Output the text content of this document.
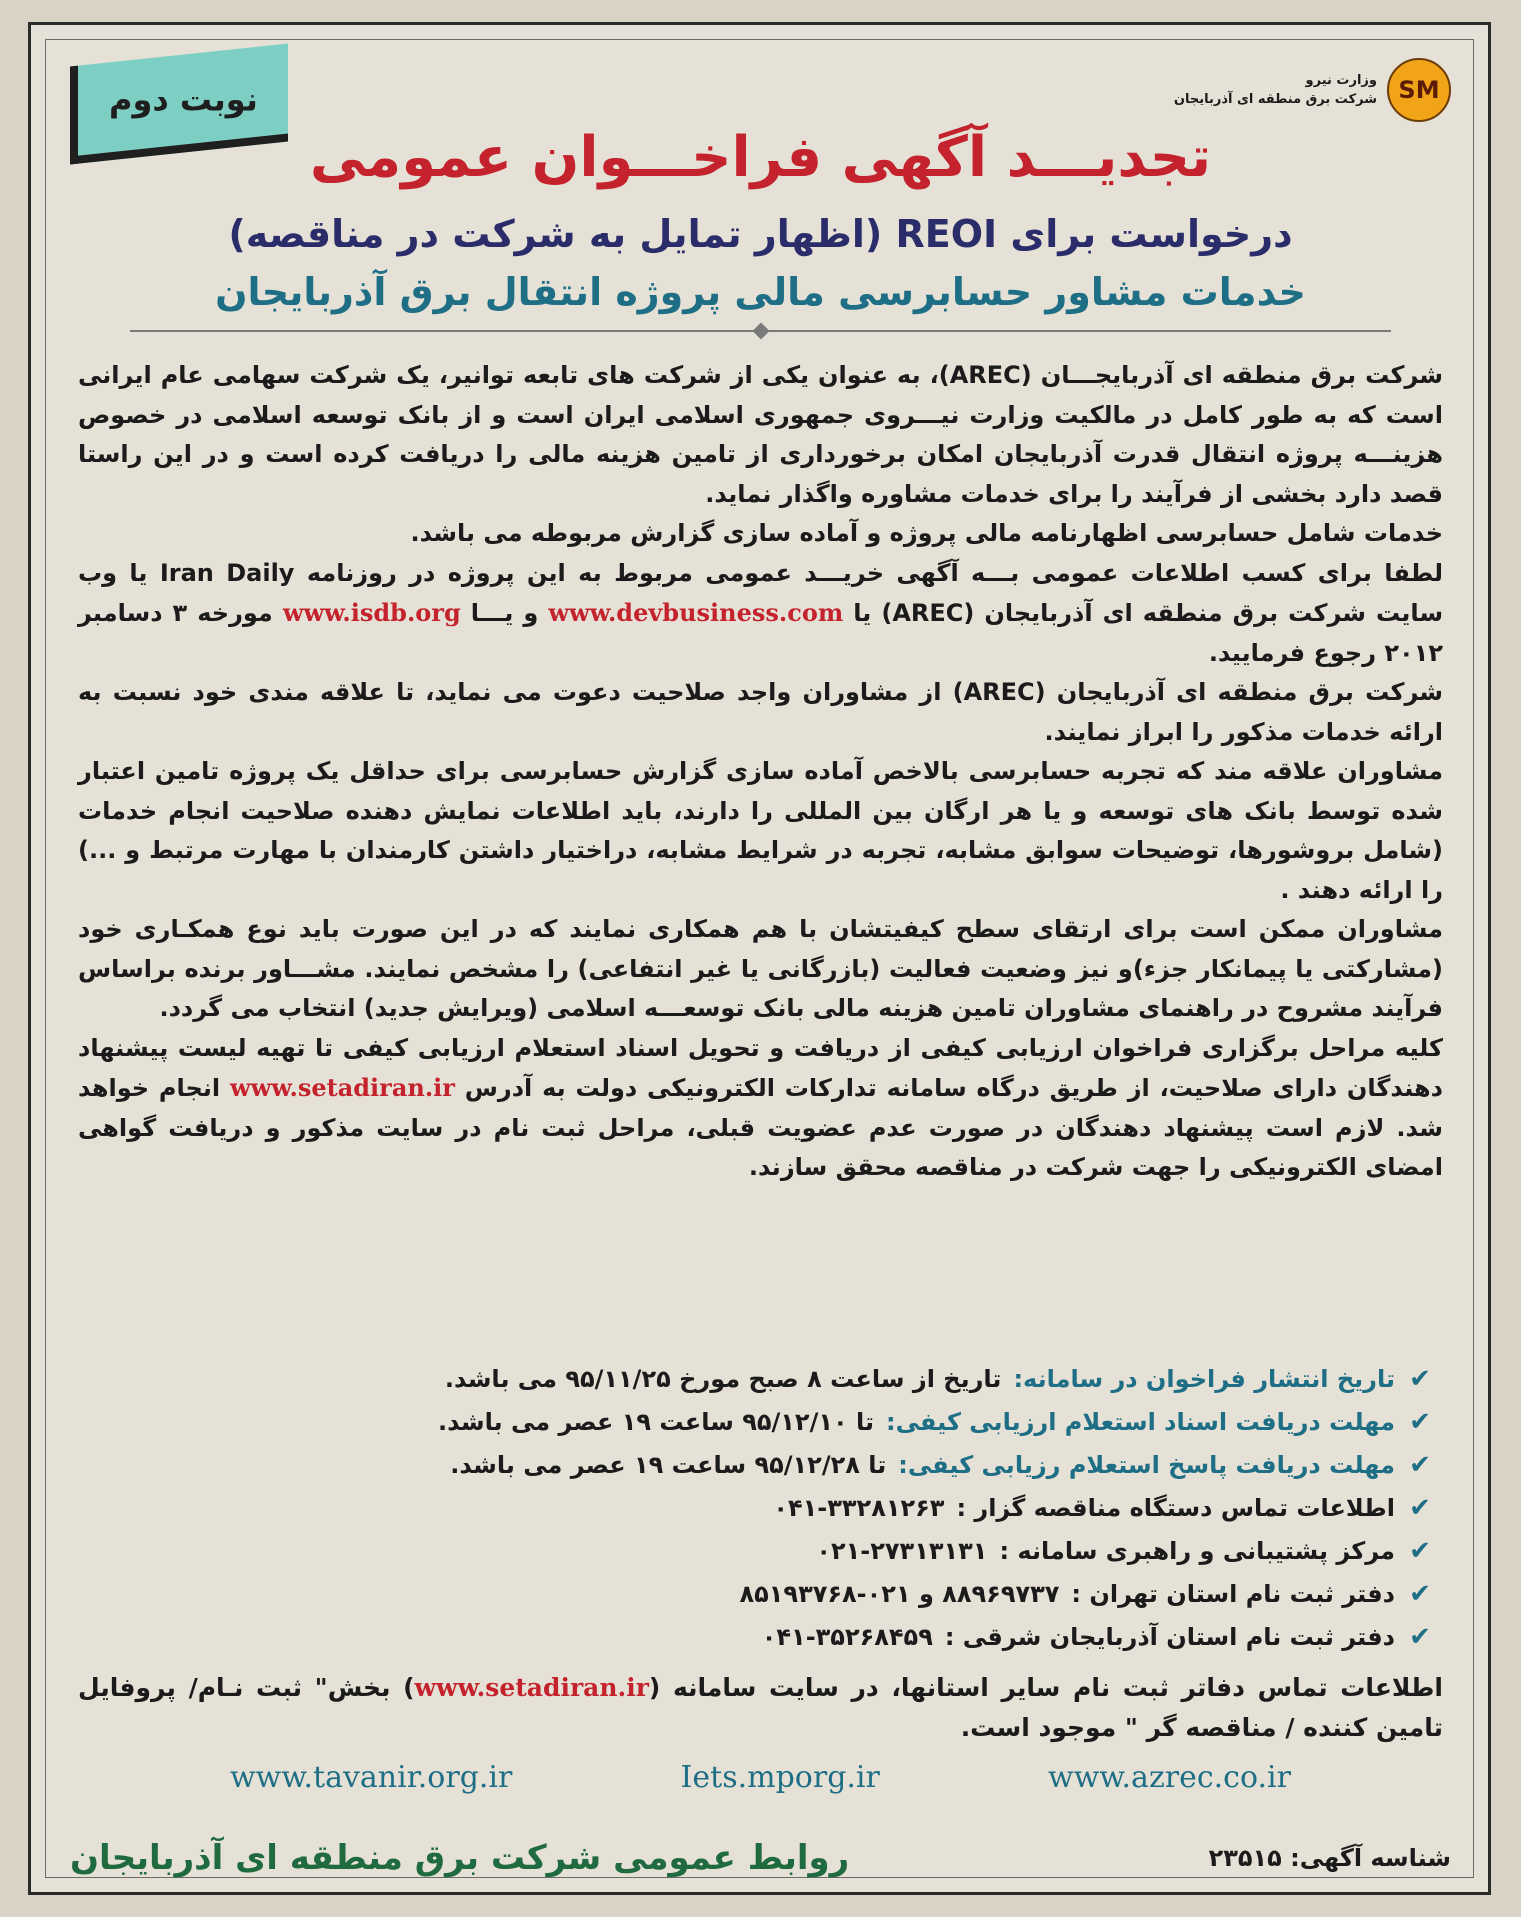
نوبت دوم	SM
وزارت نیرو
شرکت برق منطقه ای آذربایجان
تجدیـــد آگهی فراخـــوان عمومی
درخواست برای REOI (اظهار تمایل به شرکت در مناقصه)
خدمات مشاور حسابرسی مالی پروژه انتقال برق آذربایجان

شرکت برق منطقه ای آذربایجـــان (AREC)، به عنوان یکی از شرکت های تابعه توانیر، یک شرکت سهامی عام ایرانی است که به طور کامل در مالکیت وزارت نیـــروی جمهوری اسلامی ایران است و از بانک توسعه اسلامی در خصوص هزینـــه پروژه انتقال قدرت آذربایجان امکان برخورداری از تامین هزینه مالی را دریافت کرده است و در این راستا قصد دارد بخشی از فرآیند را برای خدمات مشاوره واگذار نماید.

خدمات شامل حسابرسی اظهارنامه مالی پروژه و آماده سازی گزارش مربوطه می باشد.

لطفا برای کسب اطلاعات عمومی بـــه آگهی خریـــد عمومی مربوط به این پروژه در روزنامه Iran Daily یا وب سایت شرکت برق منطقه ای آذربایجان (AREC) یا www.devbusiness.com و یـــا www.isdb.org مورخه ۳ دسامبر ۲۰۱۲ رجوع فرمایید.

شرکت برق منطقه ای آذربایجان (AREC) از مشاوران واجد صلاحیت دعوت می نماید، تا علاقه مندی خود نسبت به ارائه خدمات مذکور را ابراز نمایند.

مشاوران علاقه مند که تجربه حسابرسی بالاخص آماده سازی گزارش حسابرسی برای حداقل یک پروژه تامین اعتبار شده توسط بانک های توسعه و یا هر ارگان بین المللی را دارند، باید اطلاعات نمایش دهنده صلاحیت انجام خدمات (شامل بروشورها، توضیحات سوابق مشابه، تجربه در شرایط مشابه، دراختیار داشتن کارمندان با مهارت مرتبط و ...) را ارائه دهند .

مشاوران ممکن است برای ارتقای سطح کیفیتشان با هم همکاری نمایند که در این صورت باید نوع همکـاری خود (مشارکتی یا پیمانکار جزء)و نیز وضعیت فعالیت (بازرگانی یا غیر انتفاعی) را مشخص نمایند. مشـــاور برنده براساس فرآیند مشروح در راهنمای مشاوران تامین هزینه مالی بانک توسعـــه اسلامی (ویرایش جدید) انتخاب می گردد.

کلیه مراحل برگزاری فراخوان ارزیابی کیفی از دریافت و تحویل اسناد استعلام ارزیابی کیفی تا تهیه لیست پیشنهاد دهندگان دارای صلاحیت، از طریق درگاه سامانه تدارکات الکترونیکی دولت به آدرس www.setadiran.ir انجام خواهد شد. لازم است پیشنهاد دهندگان در صورت عدم عضویت قبلی، مراحل ثبت نام در سایت مذکور و دریافت گواهی امضای الکترونیکی را جهت شرکت در مناقصه محقق سازند.

✔
تاریخ انتشار فراخوان در سامانه:
تاریخ از ساعت ۸ صبح مورخ ۹۵/۱۱/۲۵ می باشد.
✔
مهلت دریافت اسناد استعلام ارزیابی کیفی:
تا ۹۵/۱۲/۱۰ ساعت ۱۹ عصر می باشد.
✔
مهلت دریافت پاسخ استعلام رزیابی کیفی:
تا ۹۵/۱۲/۲۸ ساعت ۱۹ عصر می باشد.
✔
اطلاعات تماس دستگاه مناقصه گزار :
۰۴۱-۳۳۲۸۱۲۶۳
✔
مرکز پشتیبانی و راهبری سامانه :
۰۲۱-۲۷۳۱۳۱۳۱
✔
دفتر ثبت نام استان تهران :
۸۸۹۶۹۷۳۷ و ۰۲۱-۸۵۱۹۳۷۶۸
✔
دفتر ثبت نام استان آذربایجان شرقی :
۰۴۱-۳۵۲۶۸۴۵۹
اطلاعات تماس دفاتر ثبت نام سایر استانها، در سایت سامانه (www.setadiran.ir) بخش" ثبت نـام/ پروفایل تامین کننده / مناقصه گر " موجود است.
www.tavanir.org.ir	Iets.mporg.ir	www.azrec.co.ir
شناسه آگهی: ۲۳۵۱۵
روابط عمومی شرکت برق منطقه ای آذربایجان
